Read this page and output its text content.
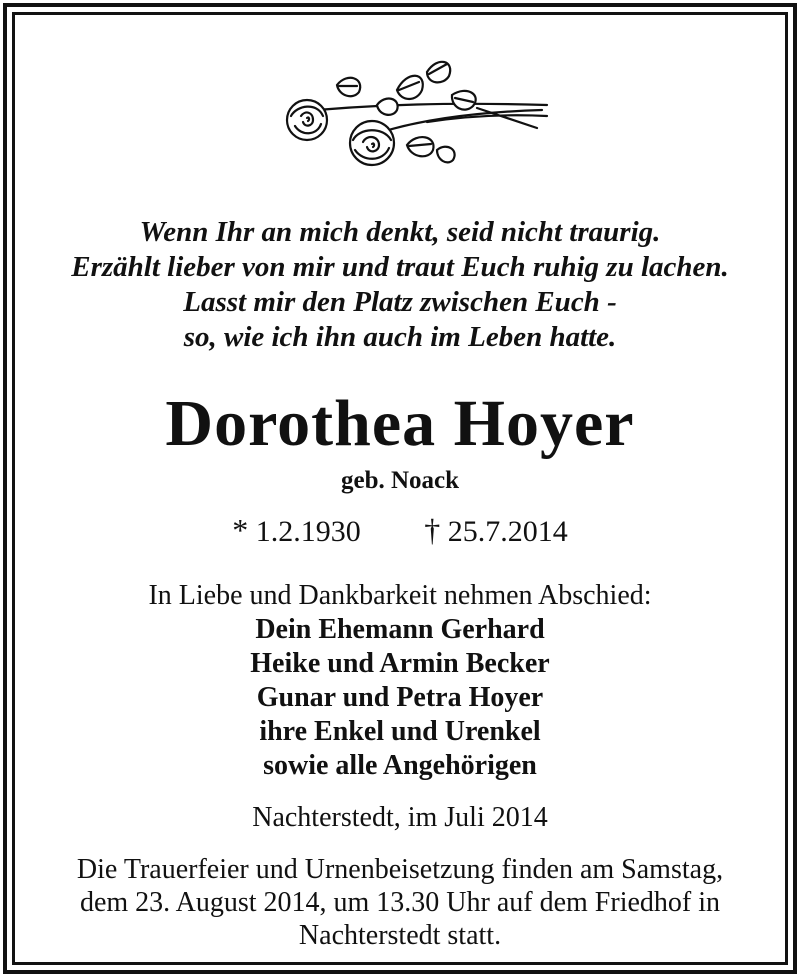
Wenn Ihr an mich denkt, seid nicht traurig.
Erzählt lieber von mir und traut Euch ruhig zu lachen.
Lasst mir den Platz zwischen Euch -
so, wie ich ihn auch im Leben hatte.
Dorothea Hoyer
geb. Noack
* 1.2.1930 † 25.7.2014
In Liebe und Dankbarkeit nehmen Abschied:
Dein Ehemann Gerhard
Heike und Armin Becker
Gunar und Petra Hoyer
ihre Enkel und Urenkel
sowie alle Angehörigen
Nachterstedt, im Juli 2014
Die Trauerfeier und Urnenbeisetzung finden am Samstag,
dem 23. August 2014, um 13.30 Uhr auf dem Friedhof in
Nachterstedt statt.
